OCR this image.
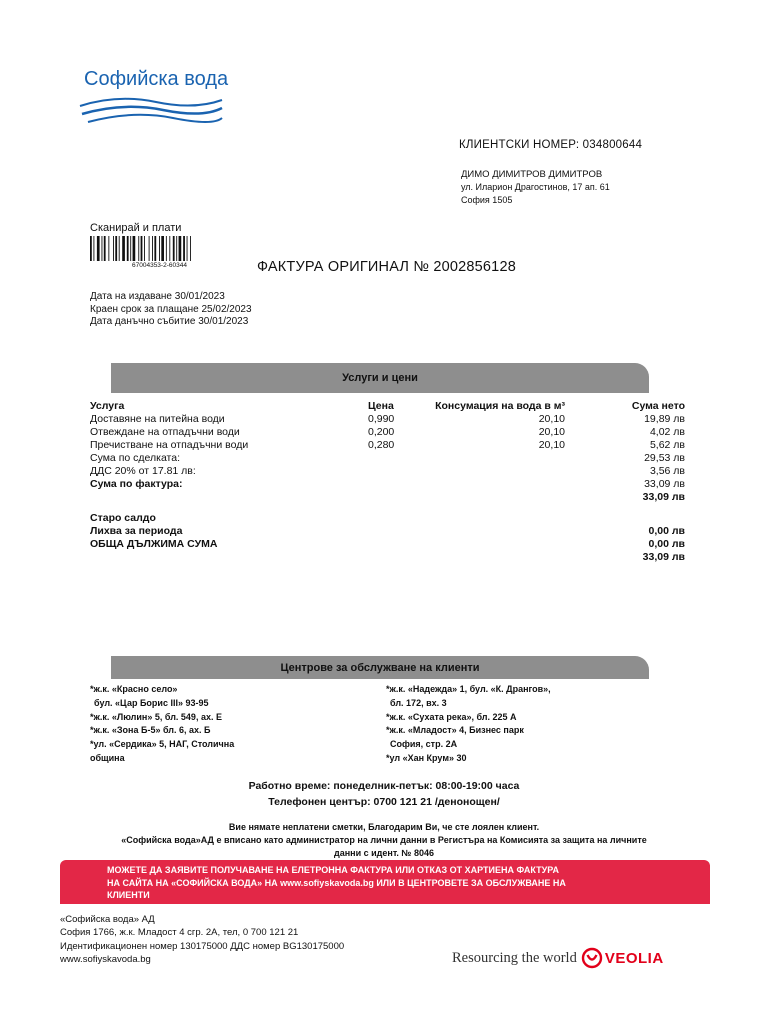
Софийска вода
КЛИЕНТСКИ НОМЕР: 034800644
ДИМО ДИМИТРОВ ДИМИТРОВ
ул. Иларион Драгостинов, 17 ап. 61
София 1505
Сканирай и плати
67004353-2-60344	ФАКТУРА ОРИГИНАЛ № 2002856128
Дата на издаване 30/01/2023
Краен срок за плащане 25/02/2023
Дата данъчно събитие 30/01/2023
Услуги и цени
Услуга	Цена	Консумация на вода в м³	Сума нето
Доставяне на питейна води	0,990	20,10	19,89 лв
Отвеждане на отпадъчни води	0,200	20,10	4,02 лв
Пречистване на отпадъчни води	0,280	20,10	5,62 лв
Сума по сделката:	29,53 лв
ДДС 20% от 17.81 лв:	3,56 лв
Сума по фактура:	33,09 лв
33,09 лв
Старо салдо
Лихва за периода	0,00 лв
ОБЩА ДЪЛЖИМА СУМА	0,00 лв
33,09 лв
Центрове за обслужване на клиенти
*ж.к. «Красно село»
бул. «Цар Борис III» 93-95
*ж.к. «Люлин» 5, бл. 549, ах. Е
*ж.к. «Зона Б-5» бл. 6, ах. Б
*ул. «Сердика» 5, НАГ, Столична
община
*ж.к. «Надежда» 1, бул. «К. Дрангов»,
бл. 172, вх. 3
*ж.к. «Сухата река», бл. 225 А
*ж.к. «Младост» 4, Бизнес парк
София, стр. 2А
*ул «Хан Крум» 30
Работно време: понеделник-петък: 08:00-19:00 часа
Телефонен център: 0700 121 21 /денонощен/
Вие нямате неплатени сметки, Благодарим Ви, че сте лоялен клиент.
«Софийска вода»АД е вписано като администратор на лични данни в Регистъра на Комисията за защита на личните
данни с идент. № 8046
МОЖЕТЕ ДА ЗАЯВИТЕ ПОЛУЧАВАНЕ НА ЕЛЕТРОННА ФАКТУРА ИЛИ ОТКАЗ ОТ ХАРТИЕНА ФАКТУРА
НА САЙТА НА «СОФИЙСКА ВОДА» НА www.sofiyskavoda.bg ИЛИ В ЦЕНТРОВЕТЕ ЗА ОБСЛУЖВАНЕ НА
КЛИЕНТИ
«Софийска вода» АД
София 1766, ж.к. Младост 4 сгр. 2А, тел, 0 700 121 21
Идентификационен номер 130175000 ДДС номер BG130175000
www.sofiyskavoda.bg	Resourcing the world VEOLIA
